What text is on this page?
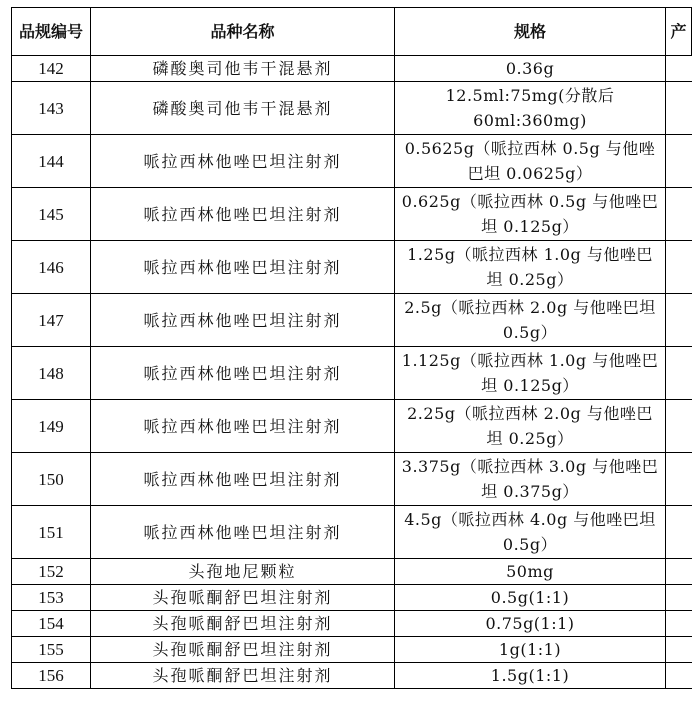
品规编号	品种名称	规格	产
142	磷酸奥司他韦干混悬剂	0.36g	
143	磷酸奥司他韦干混悬剂	12.5ml:75mg(分散后60ml:360mg)	
144	哌拉西林他唑巴坦注射剂	0.5625g（哌拉西林 0.5g 与他唑巴坦 0.0625g）	
145	哌拉西林他唑巴坦注射剂	0.625g（哌拉西林 0.5g 与他唑巴坦 0.125g）	
146	哌拉西林他唑巴坦注射剂	1.25g（哌拉西林 1.0g 与他唑巴坦 0.25g）	
147	哌拉西林他唑巴坦注射剂	2.5g（哌拉西林 2.0g 与他唑巴坦 0.5g）	
148	哌拉西林他唑巴坦注射剂	1.125g（哌拉西林 1.0g 与他唑巴坦 0.125g）	
149	哌拉西林他唑巴坦注射剂	2.25g（哌拉西林 2.0g 与他唑巴坦 0.25g）	
150	哌拉西林他唑巴坦注射剂	3.375g（哌拉西林 3.0g 与他唑巴坦 0.375g）	
151	哌拉西林他唑巴坦注射剂	4.5g（哌拉西林 4.0g 与他唑巴坦 0.5g）	
152	头孢地尼颗粒	50mg	
153	头孢哌酮舒巴坦注射剂	0.5g(1:1)	
154	头孢哌酮舒巴坦注射剂	0.75g(1:1)	
155	头孢哌酮舒巴坦注射剂	1g(1:1)	
156	头孢哌酮舒巴坦注射剂	1.5g(1:1)	
